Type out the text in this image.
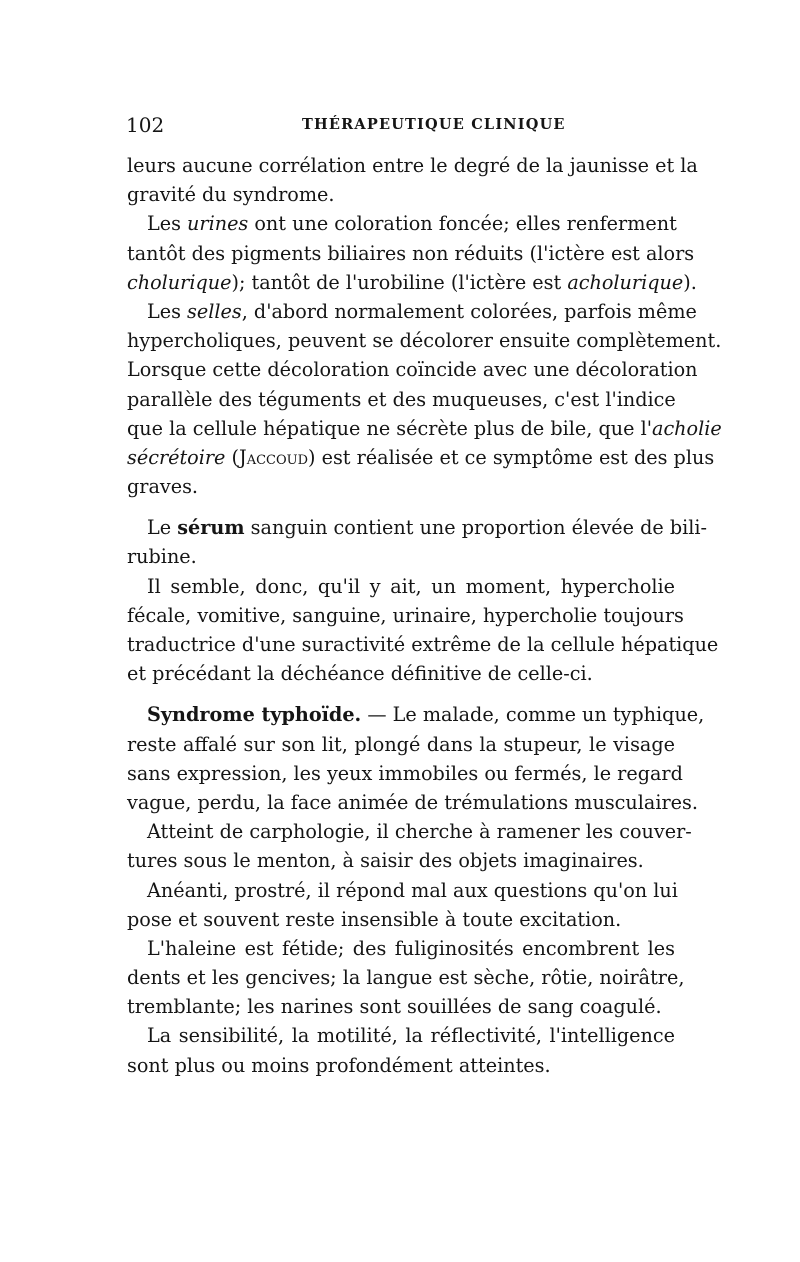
102	THÉRAPEUTIQUE CLINIQUE
leurs aucune corrélation entre le degré de la jaunisse et la
gravité du syndrome.
Les urines ont une coloration foncée; elles renferment
tantôt des pigments biliaires non réduits (l'ictère est alors
cholurique); tantôt de l'urobiline (l'ictère est acholurique).
Les selles, d'abord normalement colorées, parfois même
hypercholiques, peuvent se décolorer ensuite complètement.
Lorsque cette décoloration coïncide avec une décoloration
parallèle des téguments et des muqueuses, c'est l'indice
que la cellule hépatique ne sécrète plus de bile, que l'acholie
sécrétoire (Jaccoud) est réalisée et ce symptôme est des plus
graves.
Le sérum sanguin contient une proportion élevée de bili-
rubine.
Il semble, donc, qu'il y ait, un moment, hypercholie
fécale, vomitive, sanguine, urinaire, hypercholie toujours
traductrice d'une suractivité extrême de la cellule hépatique
et précédant la déchéance définitive de celle-ci.
Syndrome typhoïde. — Le malade, comme un typhique,
reste affalé sur son lit, plongé dans la stupeur, le visage
sans expression, les yeux immobiles ou fermés, le regard
vague, perdu, la face animée de trémulations musculaires.
Atteint de carphologie, il cherche à ramener les couver-
tures sous le menton, à saisir des objets imaginaires.
Anéanti, prostré, il répond mal aux questions qu'on lui
pose et souvent reste insensible à toute excitation.
L'haleine est fétide; des fuliginosités encombrent les
dents et les gencives; la langue est sèche, rôtie, noirâtre,
tremblante; les narines sont souillées de sang coagulé.
La sensibilité, la motilité, la réflectivité, l'intelligence
sont plus ou moins profondément atteintes.
